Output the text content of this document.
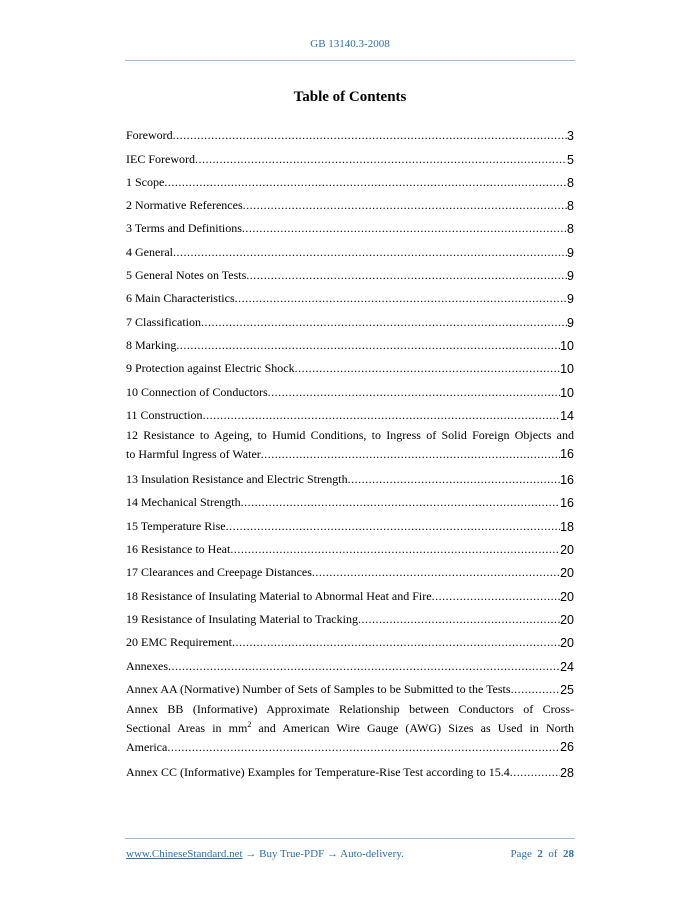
GB 13140.3-2008
Table of Contents
Foreword .....	3
IEC Foreword .....	5
1 Scope .....	8
2 Normative References .....	8
3 Terms and Definitions .....	8
4 General .....	9
5 General Notes on Tests .....	9
6 Main Characteristics .....	9
7 Classification .....	9
8 Marking .....	10
9 Protection against Electric Shock .....	10
10 Connection of Conductors .....	10
11 Construction .....	14
12 Resistance to Ageing, to Humid Conditions, to Ingress of Solid Foreign Objects and
to Harmful Ingress of Water .....	16
13 Insulation Resistance and Electric Strength .....	16
14 Mechanical Strength .....	16
15 Temperature Rise .....	18
16 Resistance to Heat .....	20
17 Clearances and Creepage Distances .....	20
18 Resistance of Insulating Material to Abnormal Heat and Fire .....	20
19 Resistance of Insulating Material to Tracking .....	20
20 EMC Requirement .....	20
Annexes .....	24
Annex AA (Normative) Number of Sets of Samples to be Submitted to the Tests .....	25
Annex BB (Informative) Approximate Relationship between Conductors of Cross-
Sectional Areas in $mm^2$ and American Wire Gauge (AWG) Sizes as Used in North
America .....	26
Annex CC (Informative) Examples for Temperature-Rise Test according to 15.4 .....	28
www.ChineseStandard.net → Buy True-PDF → Auto-delivery.	Page 2 of 28
